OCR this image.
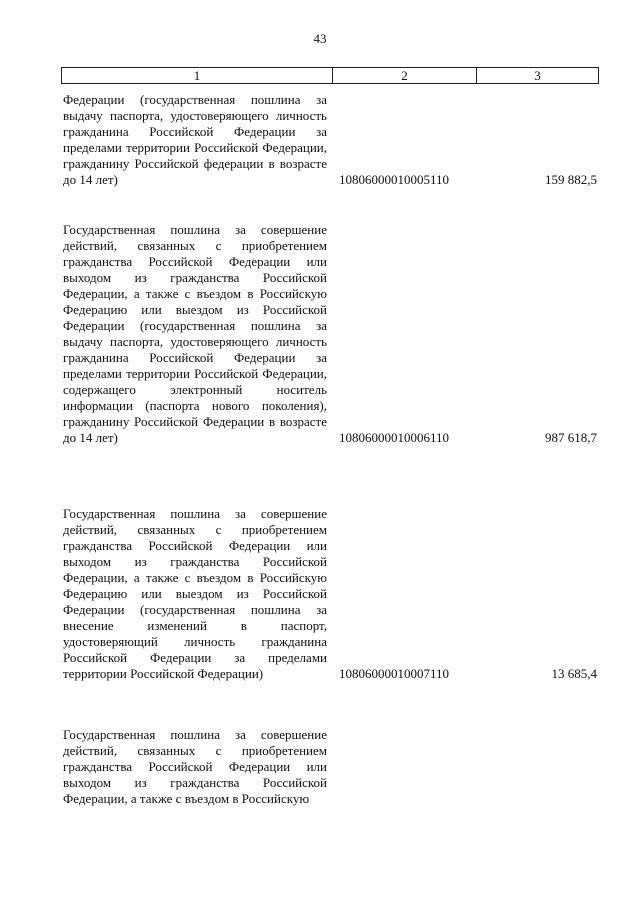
43
1	2	3
Федерации (государственная пошлина за выдачу паспорта, удостоверяющего личность гражданина Российской Федерации за пределами территории Российской Федерации, гражданину Российской федерации в возрасте до 14 лет)	10806000010005110	159 882,5
Государственная пошлина за совершение действий, связанных с приобретением гражданства Российской Федерации или выходом из гражданства Российской Федерации, а также с въездом в Российскую Федерацию или выездом из Российской Федерации (государственная пошлина за выдачу паспорта, удостоверяющего личность гражданина Российской Федерации за пределами территории Российской Федерации, содержащего электронный носитель информации (паспорта нового поколения), гражданину Российской Федерации в возрасте до 14 лет)	10806000010006110	987 618,7
Государственная пошлина за совершение действий, связанных с приобретением гражданства Российской Федерации или выходом из гражданства Российской Федерации, а также с въездом в Российскую Федерацию или выездом из Российской Федерации (государственная пошлина за внесение изменений в паспорт, удостоверяющий личность гражданина Российской Федерации за пределами территории Российской Федерации)	10806000010007110	13 685,4
Государственная пошлина за совершение действий, связанных с приобретением гражданства Российской Федерации или выходом из гражданства Российской Федерации, а также с въездом в Российскую
